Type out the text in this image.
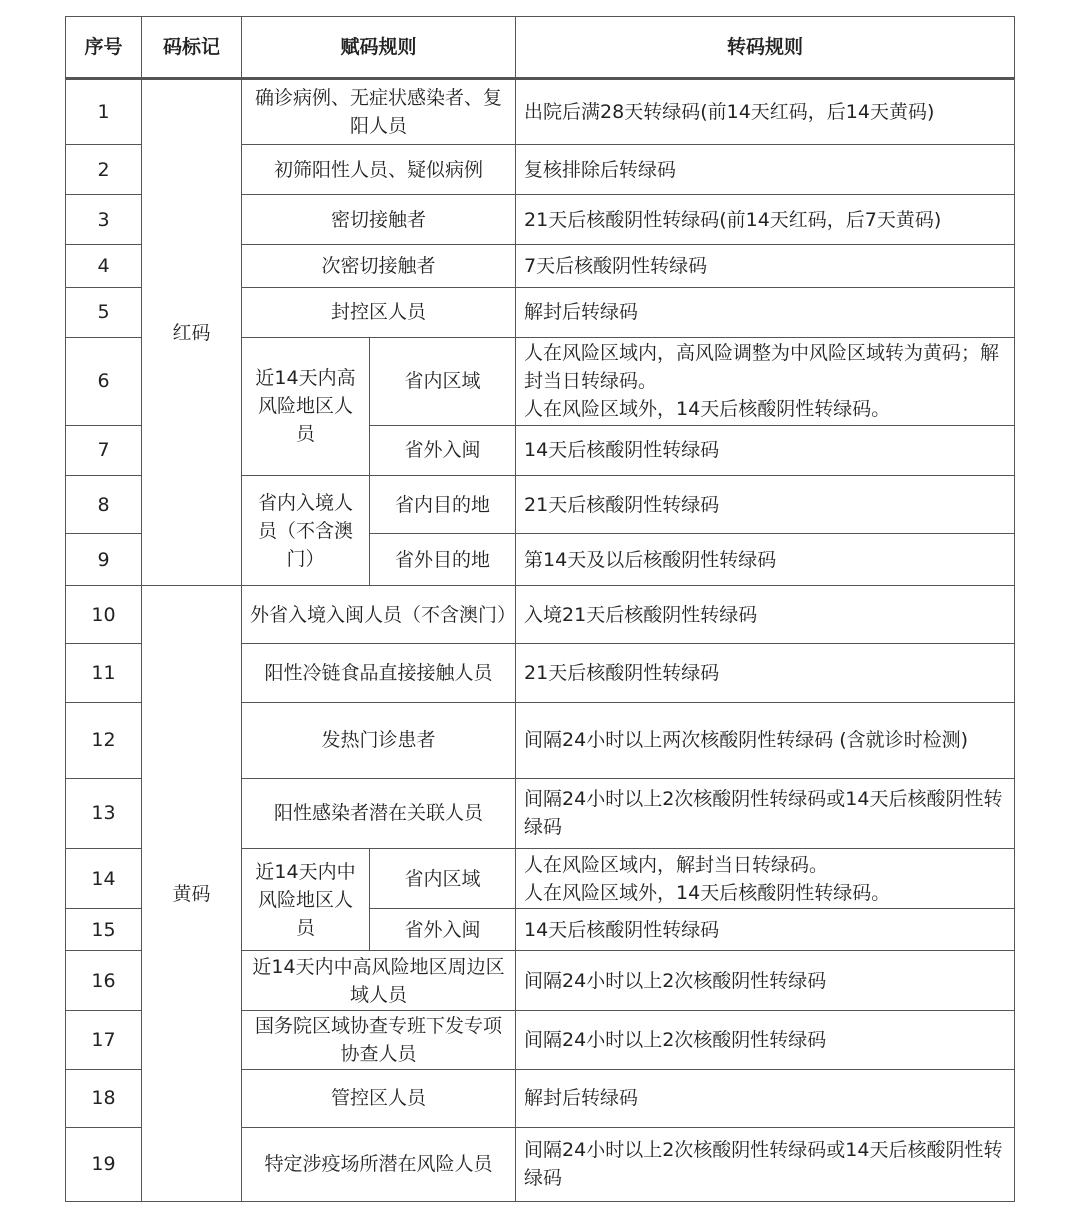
序号	码标记	赋码规则		转码规则
1	红码	确诊病例、无症状感染者、复阳人员		出院后满28天转绿码(前14天红码，后14天黄码)
2		初筛阳性人员、疑似病例		复核排除后转绿码
3		密切接触者		21天后核酸阴性转绿码(前14天红码，后7天黄码)
4		次密切接触者		7天后核酸阴性转绿码
5		封控区人员		解封后转绿码
6		近14天内高风险地区人员	省内区域	人在风险区域内，高风险调整为中风险区域转为黄码；解封当日转绿码。
人在风险区域外，14天后核酸阴性转绿码。

7			省外入闽	14天后核酸阴性转绿码
8		省内入境人员（不含澳门）	省内目的地	21天后核酸阴性转绿码
9			省外目的地	第14天及以后核酸阴性转绿码
10	黄码	外省入境入闽人员（不含澳门）		入境21天后核酸阴性转绿码
11		阳性冷链食品直接接触人员		21天后核酸阴性转绿码
12		发热门诊患者		间隔24小时以上两次核酸阴性转绿码 (含就诊时检测)
13		阳性感染者潜在关联人员		间隔24小时以上2次核酸阴性转绿码或14天后核酸阴性转绿码
14		近14天内中风险地区人员	省内区域	人在风险区域内，解封当日转绿码。
人在风险区域外，14天后核酸阴性转绿码。

15			省外入闽	14天后核酸阴性转绿码
16		近14天内中高风险地区周边区域人员		间隔24小时以上2次核酸阴性转绿码
17		国务院区域协查专班下发专项协查人员		间隔24小时以上2次核酸阴性转绿码
18		管控区人员		解封后转绿码
19		特定涉疫场所潜在风险人员		间隔24小时以上2次核酸阴性转绿码或14天后核酸阴性转绿码
